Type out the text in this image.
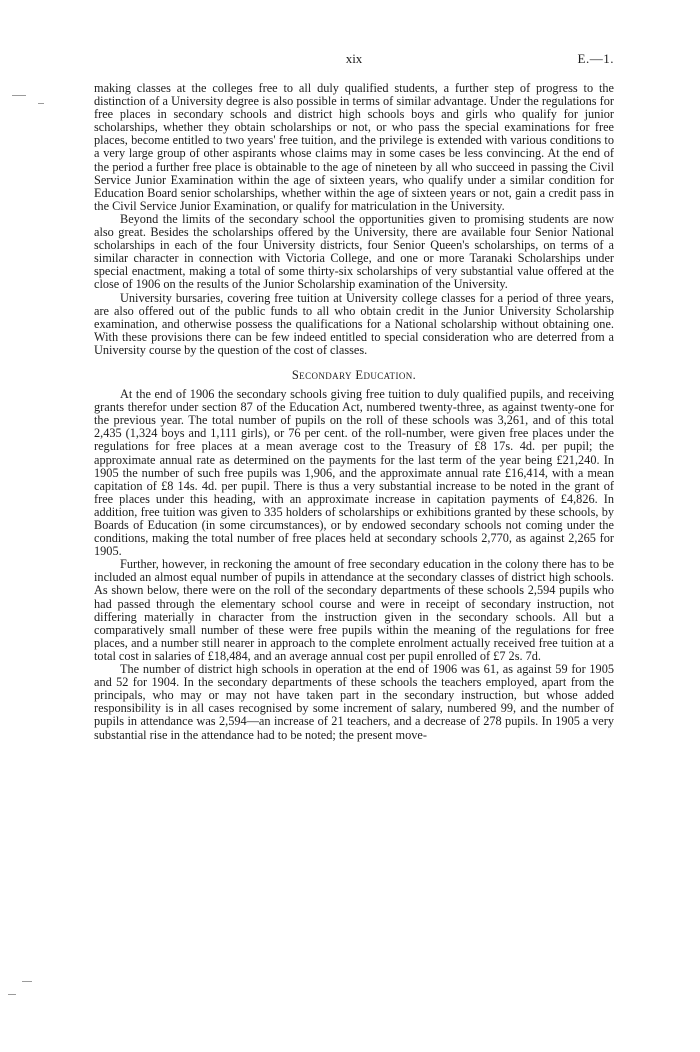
xix	E.—1.

making classes at the colleges free to all duly qualified students, a further step of progress to the distinction of a University degree is also possible in terms of similar advantage. Under the regulations for free places in secondary schools and district high schools boys and girls who qualify for junior scholarships, whether they obtain scholarships or not, or who pass the special examinations for free places, become entitled to two years' free tuition, and the privilege is extended with various conditions to a very large group of other aspirants whose claims may in some cases be less convincing. At the end of the period a further free place is obtainable to the age of nineteen by all who succeed in passing the Civil Service Junior Examination within the age of sixteen years, who qualify under a similar condition for Education Board senior scholarships, whether within the age of sixteen years or not, gain a credit pass in the Civil Service Junior Examination, or qualify for matriculation in the University.

Beyond the limits of the secondary school the opportunities given to promising students are now also great. Besides the scholarships offered by the University, there are available four Senior National scholarships in each of the four University districts, four Senior Queen's scholarships, on terms of a similar character in connection with Victoria College, and one or more Taranaki Scholarships under special enactment, making a total of some thirty-six scholarships of very substantial value offered at the close of 1906 on the results of the Junior Scholarship examination of the University.

University bursaries, covering free tuition at University college classes for a period of three years, are also offered out of the public funds to all who obtain credit in the Junior University Scholarship examination, and otherwise possess the qualifications for a National scholarship without obtaining one. With these provisions there can be few indeed entitled to special consideration who are deterred from a University course by the question of the cost of classes.

Secondary Education.

At the end of 1906 the secondary schools giving free tuition to duly qualified pupils, and receiving grants therefor under section 87 of the Education Act, numbered twenty-three, as against twenty-one for the previous year. The total number of pupils on the roll of these schools was 3,261, and of this total 2,435 (1,324 boys and 1,111 girls), or 76 per cent. of the roll-number, were given free places under the regulations for free places at a mean average cost to the Treasury of £8 17s. 4d. per pupil; the approximate annual rate as determined on the payments for the last term of the year being £21,240. In 1905 the number of such free pupils was 1,906, and the approximate annual rate £16,414, with a mean capitation of £8 14s. 4d. per pupil. There is thus a very substantial increase to be noted in the grant of free places under this heading, with an approximate increase in capitation payments of £4,826. In addition, free tuition was given to 335 holders of scholarships or exhibitions granted by these schools, by Boards of Education (in some circumstances), or by endowed secondary schools not coming under the conditions, making the total number of free places held at secondary schools 2,770, as against 2,265 for 1905.

Further, however, in reckoning the amount of free secondary education in the colony there has to be included an almost equal number of pupils in attendance at the secondary classes of district high schools. As shown below, there were on the roll of the secondary departments of these schools 2,594 pupils who had passed through the elementary school course and were in receipt of secondary instruction, not differing materially in character from the instruction given in the secondary schools. All but a comparatively small number of these were free pupils within the meaning of the regulations for free places, and a number still nearer in approach to the complete enrolment actually received free tuition at a total cost in salaries of £18,484, and an average annual cost per pupil enrolled of £7 2s. 7d.

The number of district high schools in operation at the end of 1906 was 61, as against 59 for 1905 and 52 for 1904. In the secondary departments of these schools the teachers employed, apart from the principals, who may or may not have taken part in the secondary instruction, but whose added responsibility is in all cases recognised by some increment of salary, numbered 99, and the number of pupils in attendance was 2,594—an increase of 21 teachers, and a decrease of 278 pupils. In 1905 a very substantial rise in the attendance had to be noted; the present move-
